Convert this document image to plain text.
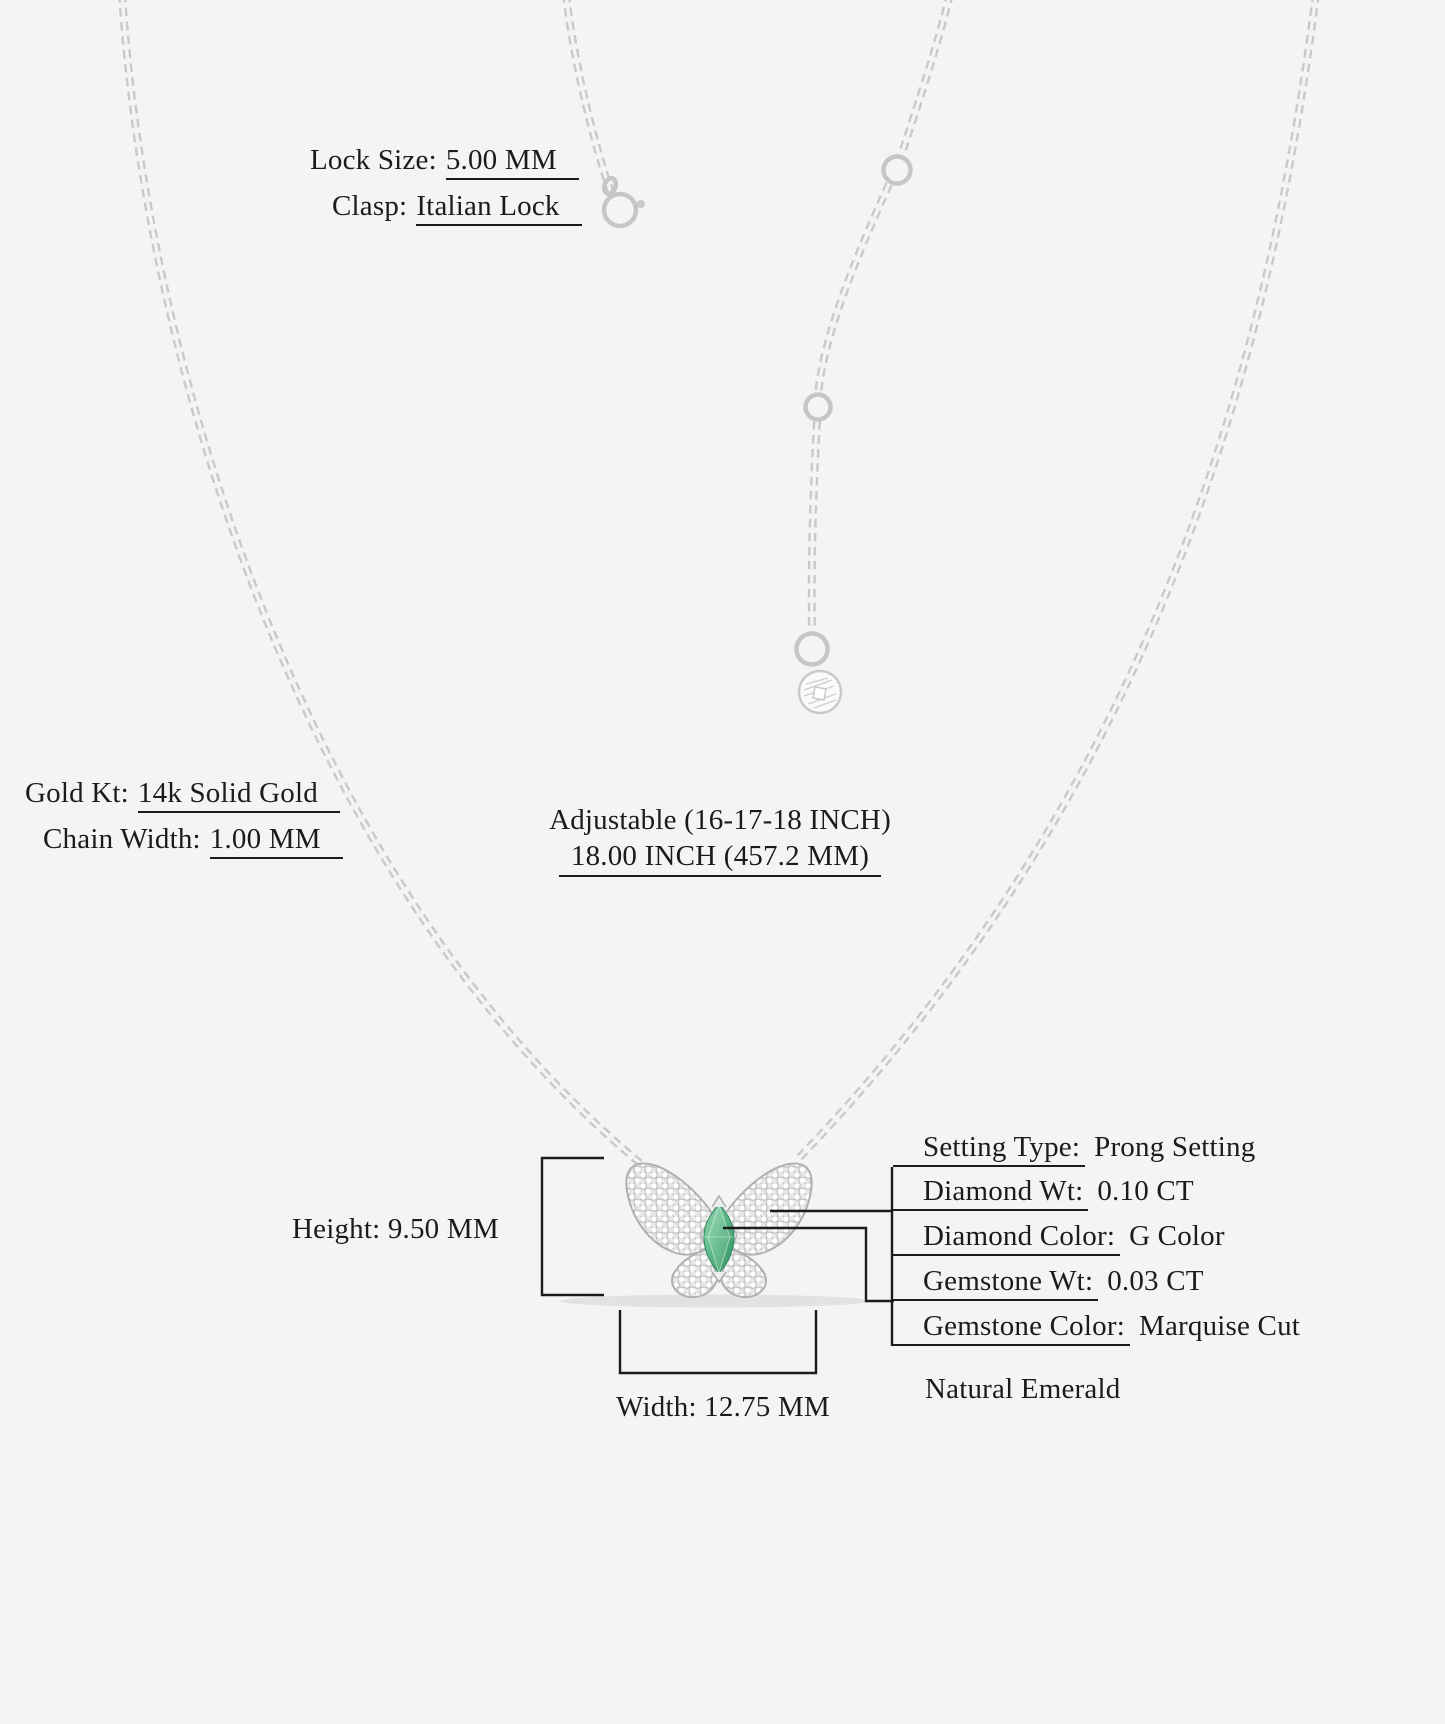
Lock Size: 5.00 MM
Clasp: Italian Lock
Gold Kt: 14k Solid Gold
Chain Width: 1.00 MM
Adjustable (16-17-18 INCH)
18.00 INCH (457.2 MM)
Setting Type: Prong Setting
Diamond Wt: 0.10 CT
Diamond Color: G Color
Gemstone Wt: 0.03 CT
Gemstone Color: Marquise Cut
Natural Emerald
Height: 9.50 MM
Width: 12.75 MM
